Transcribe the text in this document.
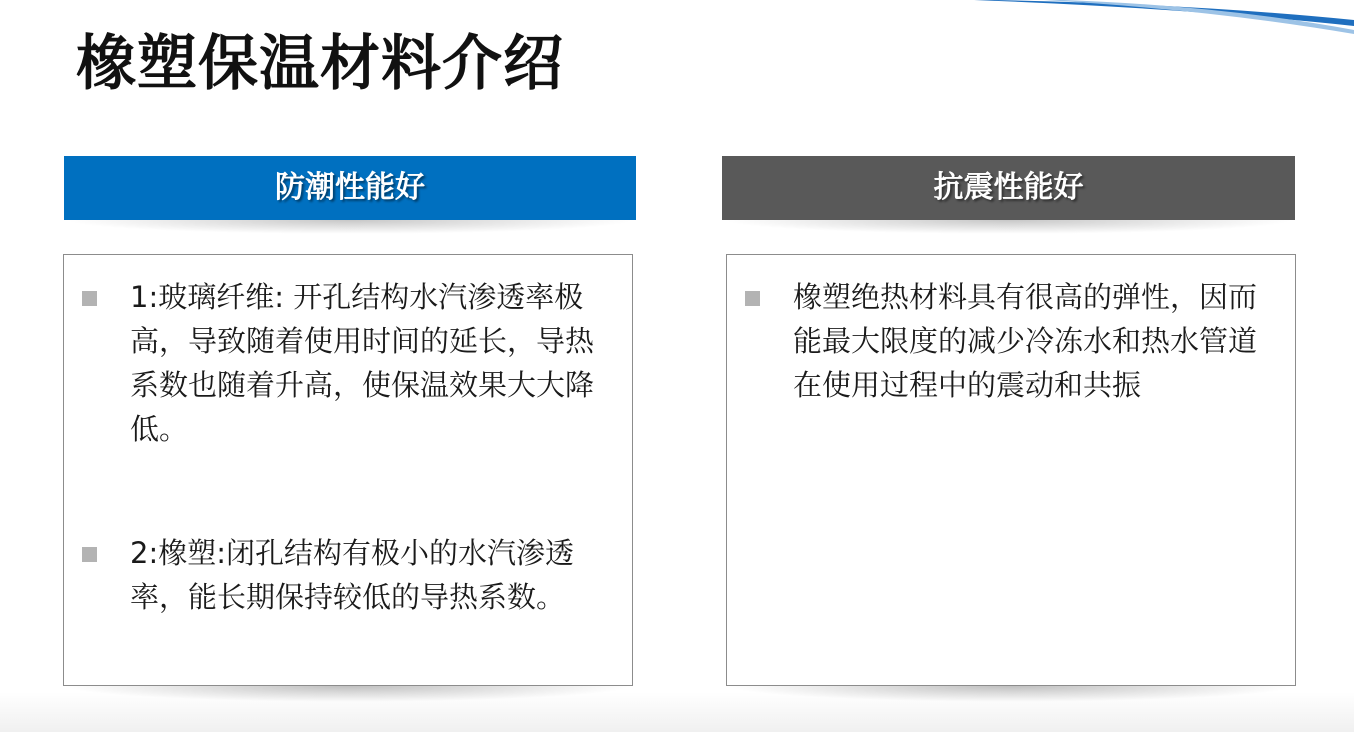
橡塑保温材料介绍
防潮性能好

1:玻璃纤维: 开孔结构水汽渗透率极高，导致随着使用时间的延长，导热系数也随着升高，使保温效果大大降低。

2:橡塑:闭孔结构有极小的水汽渗透率，能长期保持较低的导热系数。

抗震性能好

橡塑绝热材料具有很高的弹性，因而能最大限度的减少冷冻水和热水管道在使用过程中的震动和共振
